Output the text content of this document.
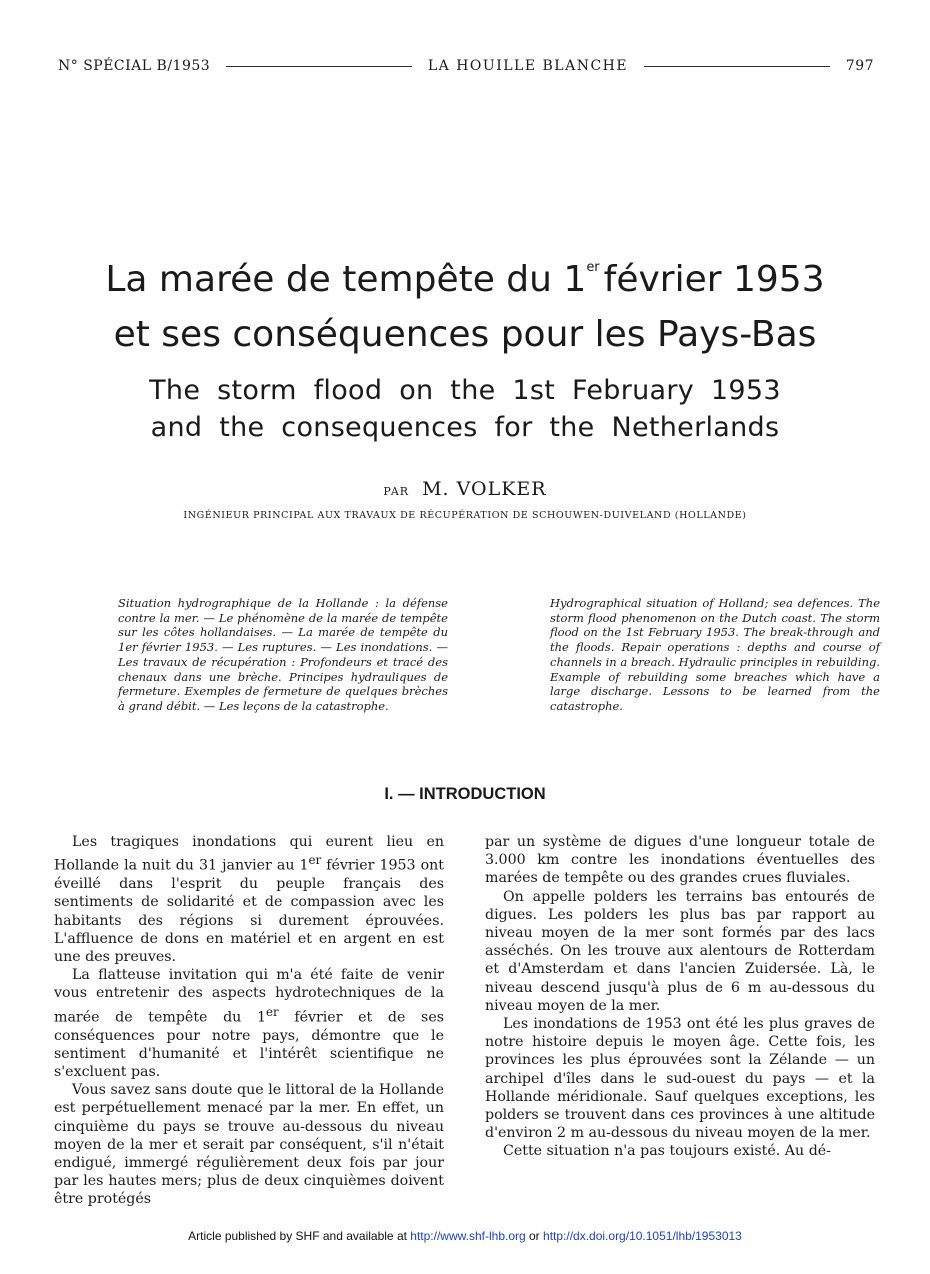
N° SPÉCIAL B/1953	LA HOUILLE BLANCHE	797
La marée de tempête du 1er février 1953
et ses conséquences pour les Pays-Bas
The storm flood on the 1st February 1953
and the consequences for the Netherlands
PAR M. VOLKER
INGÉNIEUR PRINCIPAL AUX TRAVAUX DE RÉCUPÉRATION DE SCHOUWEN-DUIVELAND (HOLLANDE)
Situation hydrographique de la Hollande : la défense contre la mer. — Le phénomène de la marée de tempête sur les côtes hollandaises. — La marée de tempête du 1er février 1953. — Les ruptures. — Les inondations. — Les travaux de récupération : Profondeurs et tracé des chenaux dans une brèche. Principes hydrauliques de fermeture. Exemples de fermeture de quelques brèches à grand débit. — Les leçons de la catastrophe.
Hydrographical situation of Holland; sea defences. The storm flood phenomenon on the Dutch coast. The storm flood on the 1st February 1953. The break-through and the floods. Repair operations : depths and course of channels in a breach. Hydraulic principles in rebuilding. Example of rebuilding some breaches which have a large discharge. Lessons to be learned from the catastrophe.
I. — INTRODUCTION

Les tragiques inondations qui eurent lieu en Hollande la nuit du 31 janvier au 1er février 1953 ont éveillé dans l'esprit du peuple français des sentiments de solidarité et de compassion avec les habitants des régions si durement éprouvées. L'affluence de dons en matériel et en argent en est une des preuves.

La flatteuse invitation qui m'a été faite de venir vous entretenir des aspects hydrotechniques de la marée de tempête du 1er février et de ses conséquences pour notre pays, démontre que le sentiment d'humanité et l'intérêt scientifique ne s'excluent pas.

Vous savez sans doute que le littoral de la Hollande est perpétuellement menacé par la mer. En effet, un cinquième du pays se trouve au-dessous du niveau moyen de la mer et serait par conséquent, s'il n'était endigué, immergé régulièrement deux fois par jour par les hautes mers; plus de deux cinquièmes doivent être protégés

par un système de digues d'une longueur totale de 3.000 km contre les inondations éventuelles des marées de tempête ou des grandes crues fluviales.

On appelle polders les terrains bas entourés de digues. Les polders les plus bas par rapport au niveau moyen de la mer sont formés par des lacs asséchés. On les trouve aux alentours de Rotterdam et d'Amsterdam et dans l'ancien Zuidersée. Là, le niveau descend jusqu'à plus de 6 m au-dessous du niveau moyen de la mer.

Les inondations de 1953 ont été les plus graves de notre histoire depuis le moyen âge. Cette fois, les provinces les plus éprouvées sont la Zélande — un archipel d'îles dans le sud-ouest du pays — et la Hollande méridionale. Sauf quelques exceptions, les polders se trouvent dans ces provinces à une altitude d'environ 2 m au-dessous du niveau moyen de la mer.

Cette situation n'a pas toujours existé. Au dé-

Article published by SHF and available at http://www.shf-lhb.org or http://dx.doi.org/10.1051/lhb/1953013
